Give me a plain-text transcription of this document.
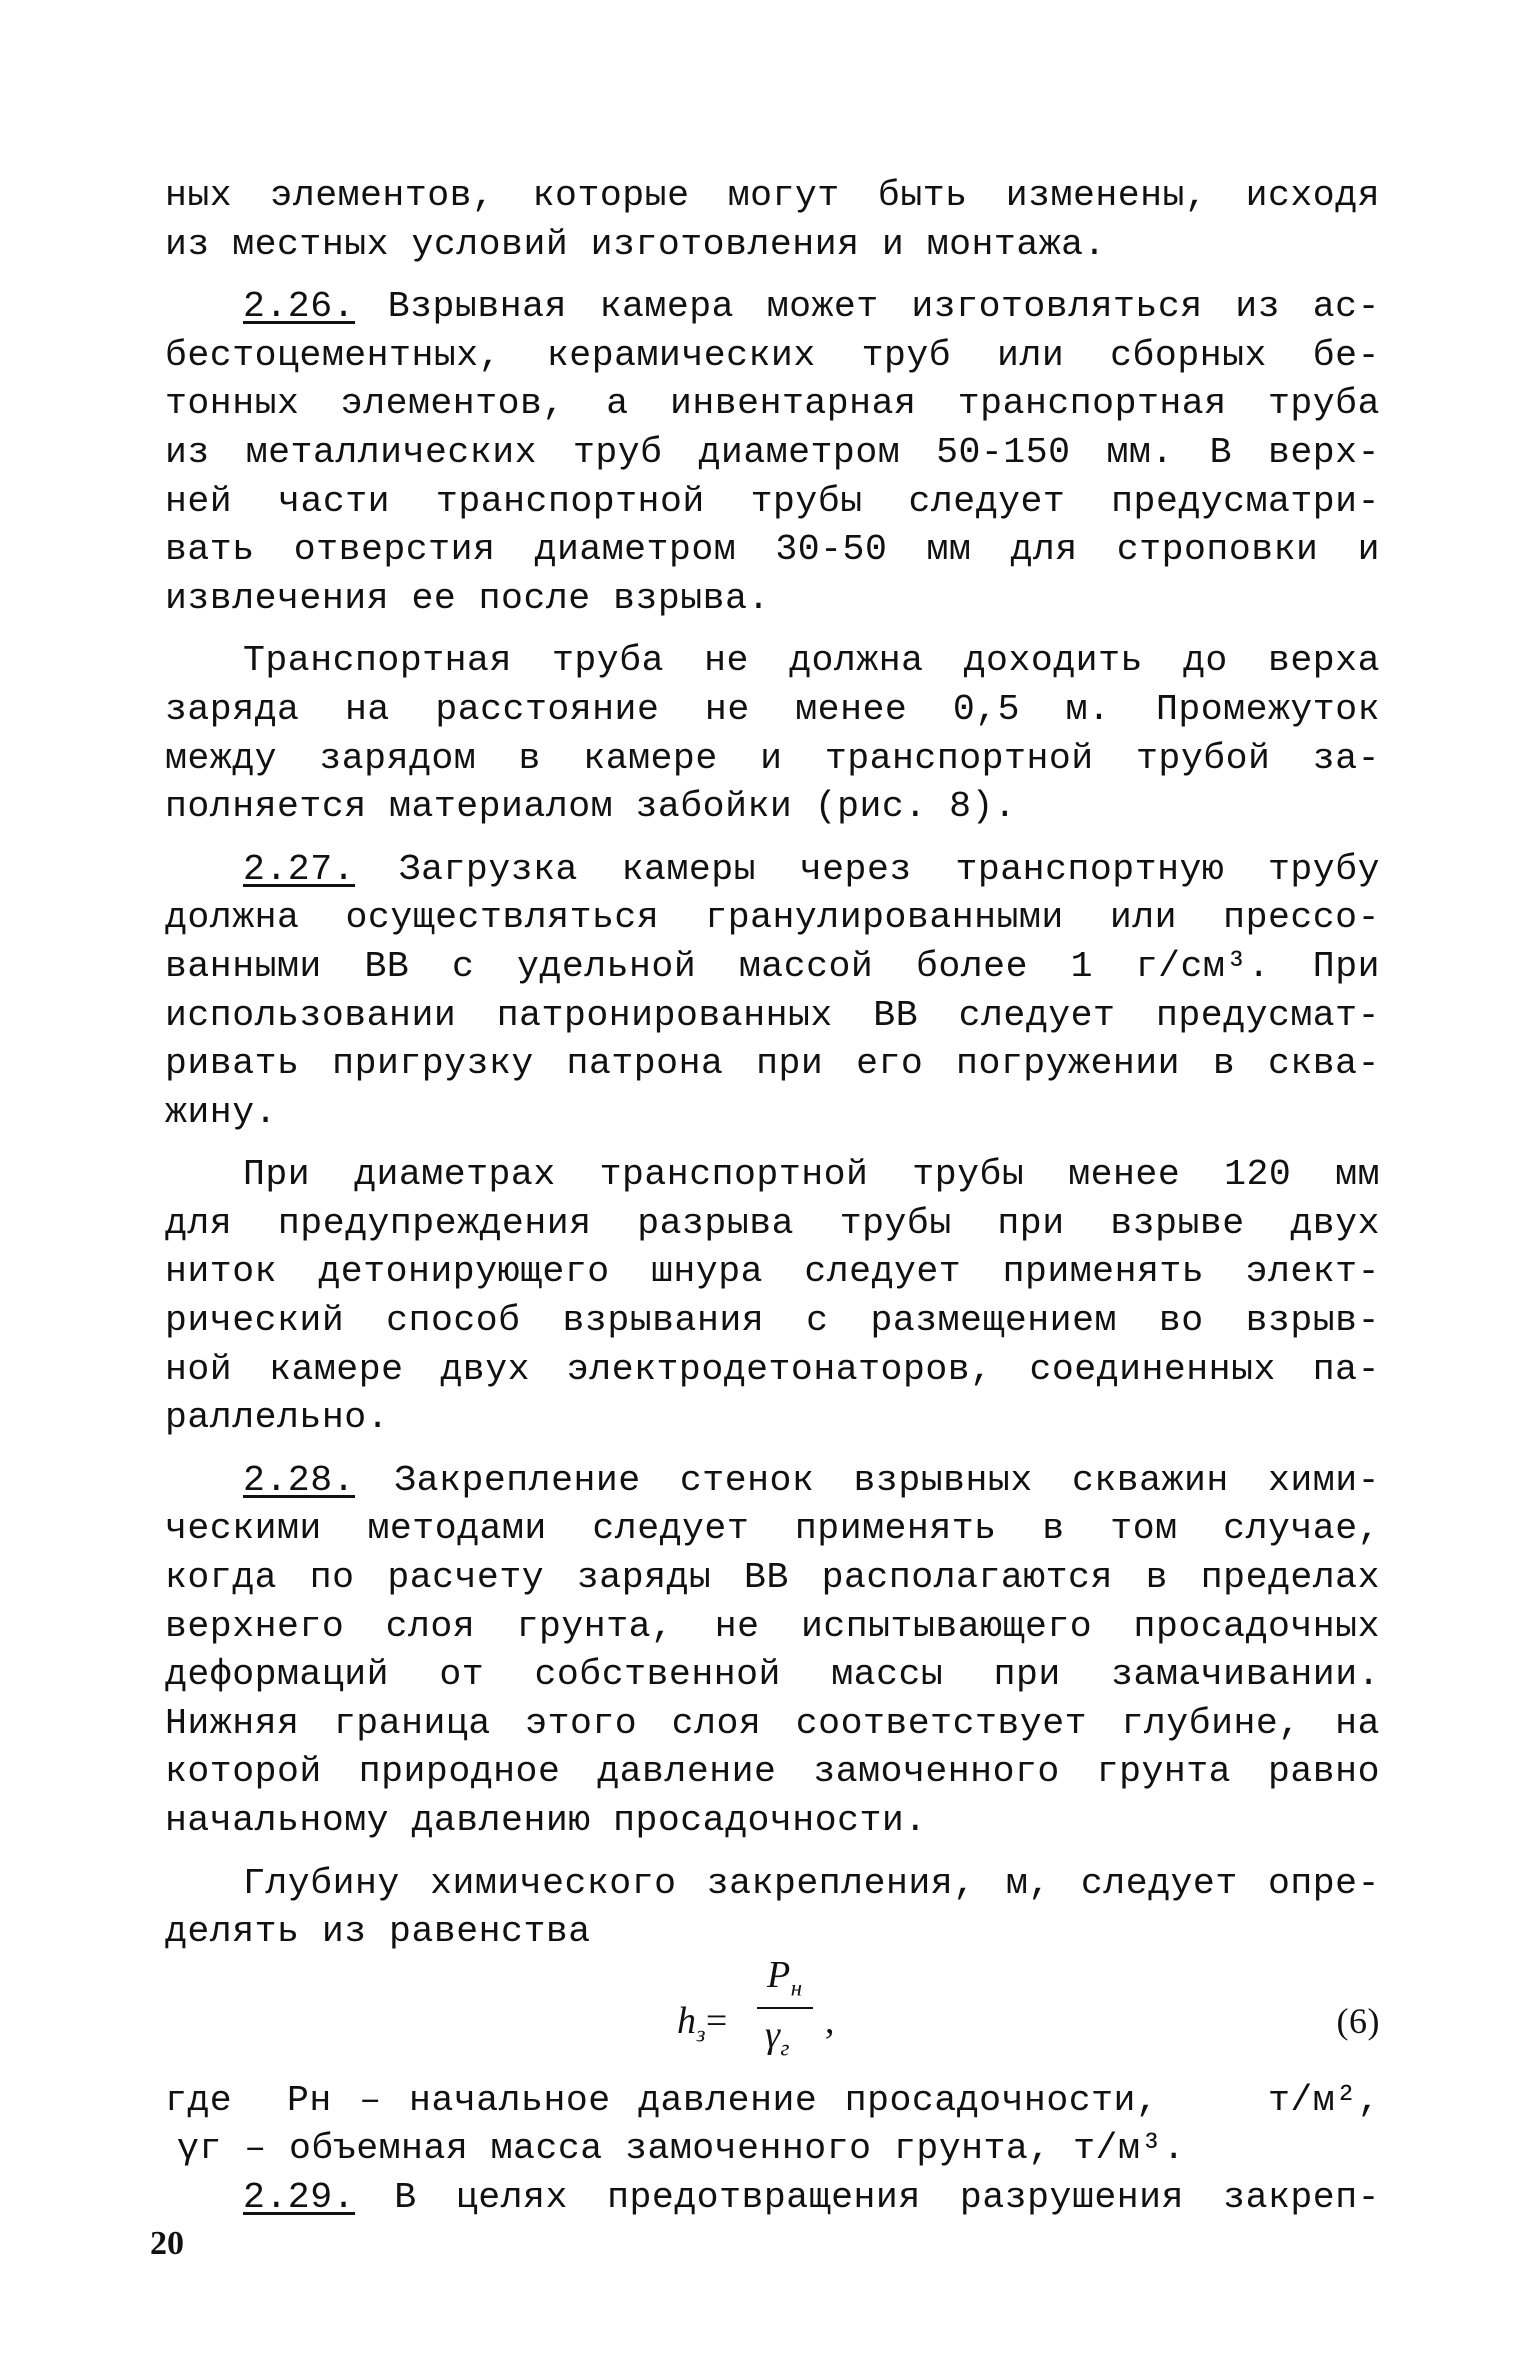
ных элементов, которые могут быть изменены, исходя
из местных условий изготовления и монтажа.
2.26. Взрывная камера может изготовляться из ас-
бестоцементных, керамических труб или сборных бе-
тонных элементов, а инвентарная транспортная труба
из металлических труб диаметром 50-150 мм. В верх-
ней части транспортной трубы следует предусматри-
вать отверстия диаметром 30-50 мм для строповки и
извлечения ее после взрыва.
Транспортная труба не должна доходить до верха
заряда на расстояние не менее 0,5 м. Промежуток
между зарядом в камере и транспортной трубой за-
полняется материалом забойки (рис. 8).
2.27. Загрузка камеры через транспортную трубу
должна осуществляться гранулированными или прессо-
ванными ВВ с удельной массой более 1 г/см³. При
использовании патронированных ВВ следует предусмат-
ривать пригрузку патрона при его погружении в сква-
жину.
При диаметрах транспортной трубы менее 120 мм
для предупреждения разрыва трубы при взрыве двух
ниток детонирующего шнура следует применять элект-
рический способ взрывания с размещением во взрыв-
ной камере двух электродетонаторов, соединенных па-
раллельно.
2.28. Закрепление стенок взрывных скважин хими-
ческими методами следует применять в том случае,
когда по расчету заряды ВВ располагаются в пределах
верхнего слоя грунта, не испытывающего просадочных
деформаций от собственной массы при замачивании.
Нижняя граница этого слоя соответствует глубине, на
которой природное давление замоченного грунта равно
начальному давлению просадочности.
Глубину химического закрепления, м, следует опре-
делять из равенства
$h_з=$
$P_н$
$\gamma_г$
,	(6)
где  Pн – начальное давление просадочности,    т/м²,
γг – объемная масса замоченного грунта, т/м³.
2.29. В целях предотвращения разрушения закреп-
20
